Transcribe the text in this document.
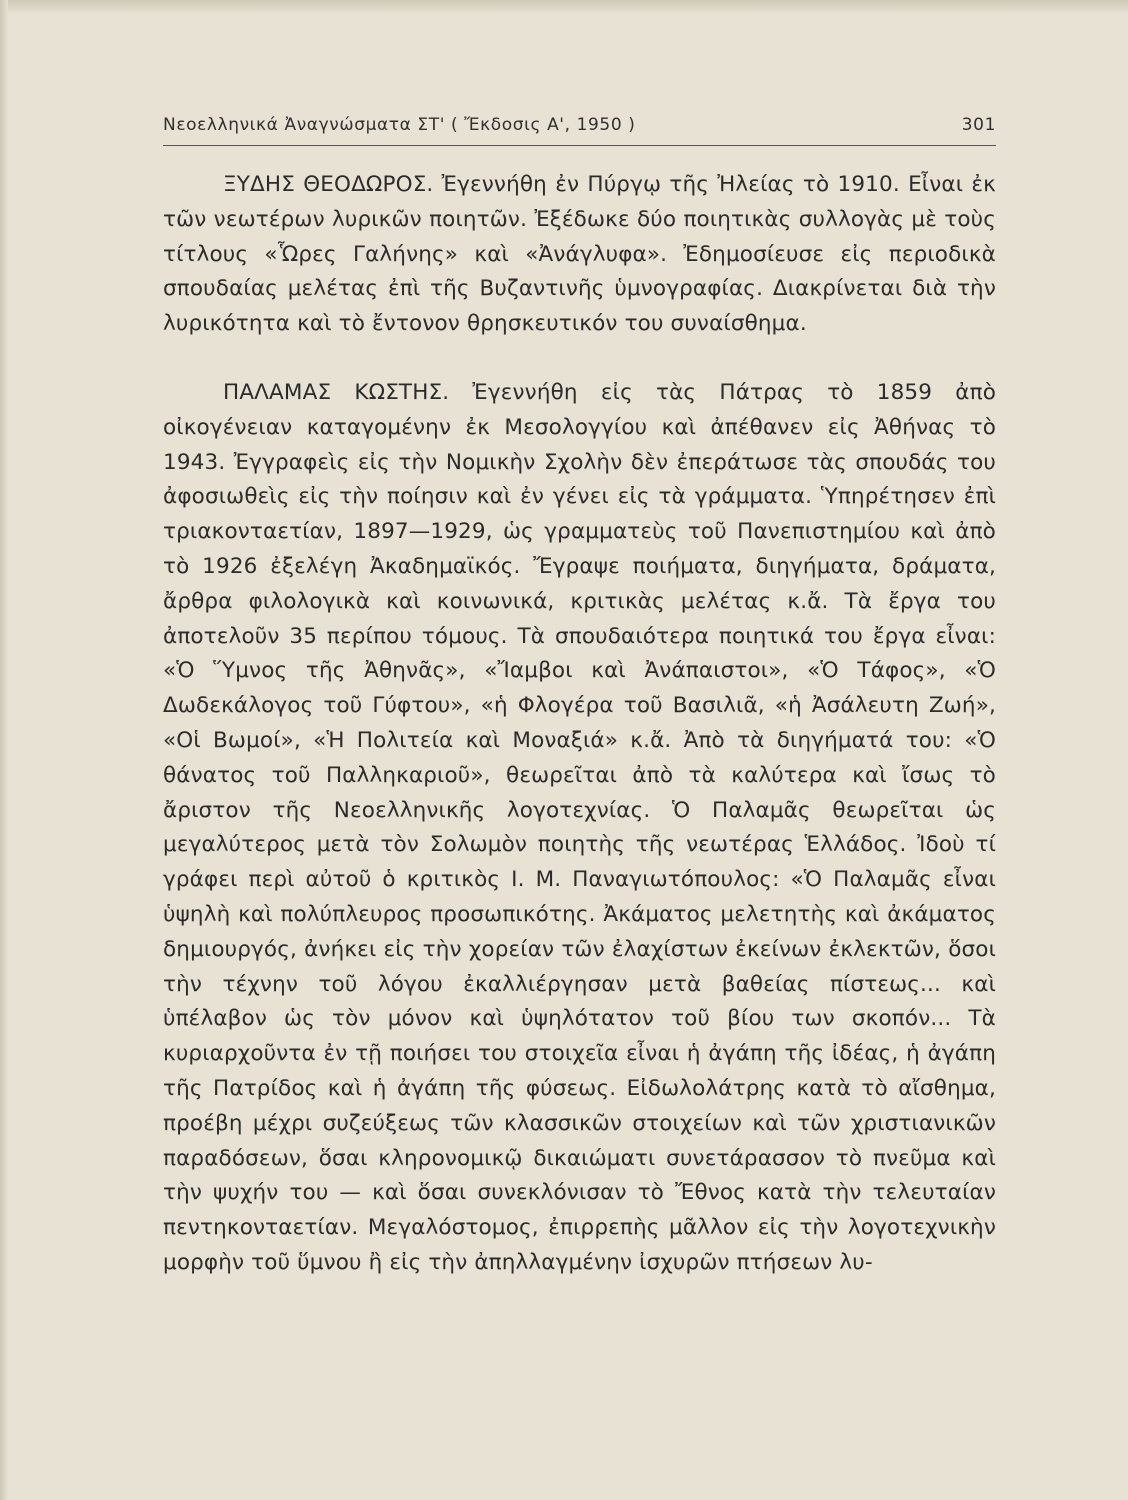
Νεοελληνικά Ἀναγνώσματα ΣΤ' ( Ἔκδοσις Α', 1950 )	301

ΞΥΔΗΣ ΘΕΟΔΩΡΟΣ. Ἐγεννήθη ἐν Πύργῳ τῆς Ἠλείας τὸ 1910. Εἶναι ἐκ τῶν νεωτέρων λυρικῶν ποιητῶν. Ἐξέδωκε δύο ποιητικὰς συλλογὰς μὲ τοὺς τίτλους «Ὧρες Γαλήνης» καὶ «Ἀνάγλυφα». Ἐδημοσίευσε εἰς περιοδικὰ σπουδαίας μελέτας ἐπὶ τῆς Βυζαντινῆς ὑμνογραφίας. Διακρίνεται διὰ τὴν λυρικότητα καὶ τὸ ἔντονον θρησκευτικόν του συναίσθημα.

ΠΑΛΑΜΑΣ ΚΩΣΤΗΣ. Ἐγεννήθη εἰς τὰς Πάτρας τὸ 1859 ἀπὸ οἰκογένειαν καταγομένην ἐκ Μεσολογγίου καὶ ἀπέθανεν εἰς Ἀθήνας τὸ 1943. Ἐγγραφεὶς εἰς τὴν Νομικὴν Σχολὴν δὲν ἐπεράτωσε τὰς σπουδάς του ἀφοσιωθεὶς εἰς τὴν ποίησιν καὶ ἐν γένει εἰς τὰ γράμματα. Ὑπηρέτησεν ἐπὶ τριακονταετίαν, 1897—1929, ὡς γραμματεὺς τοῦ Πανεπιστημίου καὶ ἀπὸ τὸ 1926 ἐξελέγη Ἀκαδημαϊκός. Ἔγραψε ποιήματα, διηγήματα, δράματα, ἄρθρα φιλολογικὰ καὶ κοινωνικά, κριτικὰς μελέτας κ.ἄ. Τὰ ἔργα του ἀποτελοῦν 35 περίπου τόμους. Τὰ σπουδαιότερα ποιητικά του ἔργα εἶναι: «Ὁ Ὕμνος τῆς Ἀθηνᾶς», «Ἴαμβοι καὶ Ἀνάπαιστοι», «Ὁ Τάφος», «Ὁ Δωδεκάλογος τοῦ Γύφτου», «ἡ Φλογέρα τοῦ Βασιλιᾶ, «ἡ Ἀσάλευτη Ζωή», «Οἱ Βωμοί», «Ἡ Πολιτεία καὶ Μοναξιά» κ.ἄ. Ἀπὸ τὰ διηγήματά του: «Ὁ θάνατος τοῦ Παλληκαριοῦ», θεωρεῖται ἀπὸ τὰ καλύτερα καὶ ἴσως τὸ ἄριστον τῆς Νεοελληνικῆς λογοτεχνίας. Ὁ Παλαμᾶς θεωρεῖται ὡς μεγαλύτερος μετὰ τὸν Σολωμὸν ποιητὴς τῆς νεωτέρας Ἑλλάδος. Ἰδοὺ τί γράφει περὶ αὐτοῦ ὁ κριτικὸς Ι. Μ. Παναγιωτόπουλος: «Ὁ Παλαμᾶς εἶναι ὑψηλὴ καὶ πολύπλευρος προσωπικότης. Ἀκάματος μελετητὴς καὶ ἀκάματος δημιουργός, ἀνήκει εἰς τὴν χορείαν τῶν ἐλαχίστων ἐκείνων ἐκλεκτῶν, ὅσοι τὴν τέχνην τοῦ λόγου ἐκαλλιέργησαν μετὰ βαθείας πίστεως... καὶ ὑπέλαβον ὡς τὸν μόνον καὶ ὑψηλότατον τοῦ βίου των σκοπόν... Τὰ κυριαρχοῦντα ἐν τῇ ποιήσει του στοιχεῖα εἶναι ἡ ἀγάπη τῆς ἰδέας, ἡ ἀγάπη τῆς Πατρίδος καὶ ἡ ἀγάπη τῆς φύσεως. Εἰδωλολάτρης κατὰ τὸ αἴσθημα, προέβη μέχρι συζεύξεως τῶν κλασσικῶν στοιχείων καὶ τῶν χριστιανικῶν παραδόσεων, ὅσαι κληρονομικῷ δικαιώματι συνετάρασσον τὸ πνεῦμα καὶ τὴν ψυχήν του — καὶ ὅσαι συνεκλόνισαν τὸ Ἔθνος κατὰ τὴν τελευταίαν πεντηκονταετίαν. Μεγαλόστομος, ἐπιρρεπὴς μᾶλλον εἰς τὴν λογοτεχνικὴν μορφὴν τοῦ ὕμνου ἢ εἰς τὴν ἀπηλλαγμένην ἰσχυρῶν πτήσεων λυ-
